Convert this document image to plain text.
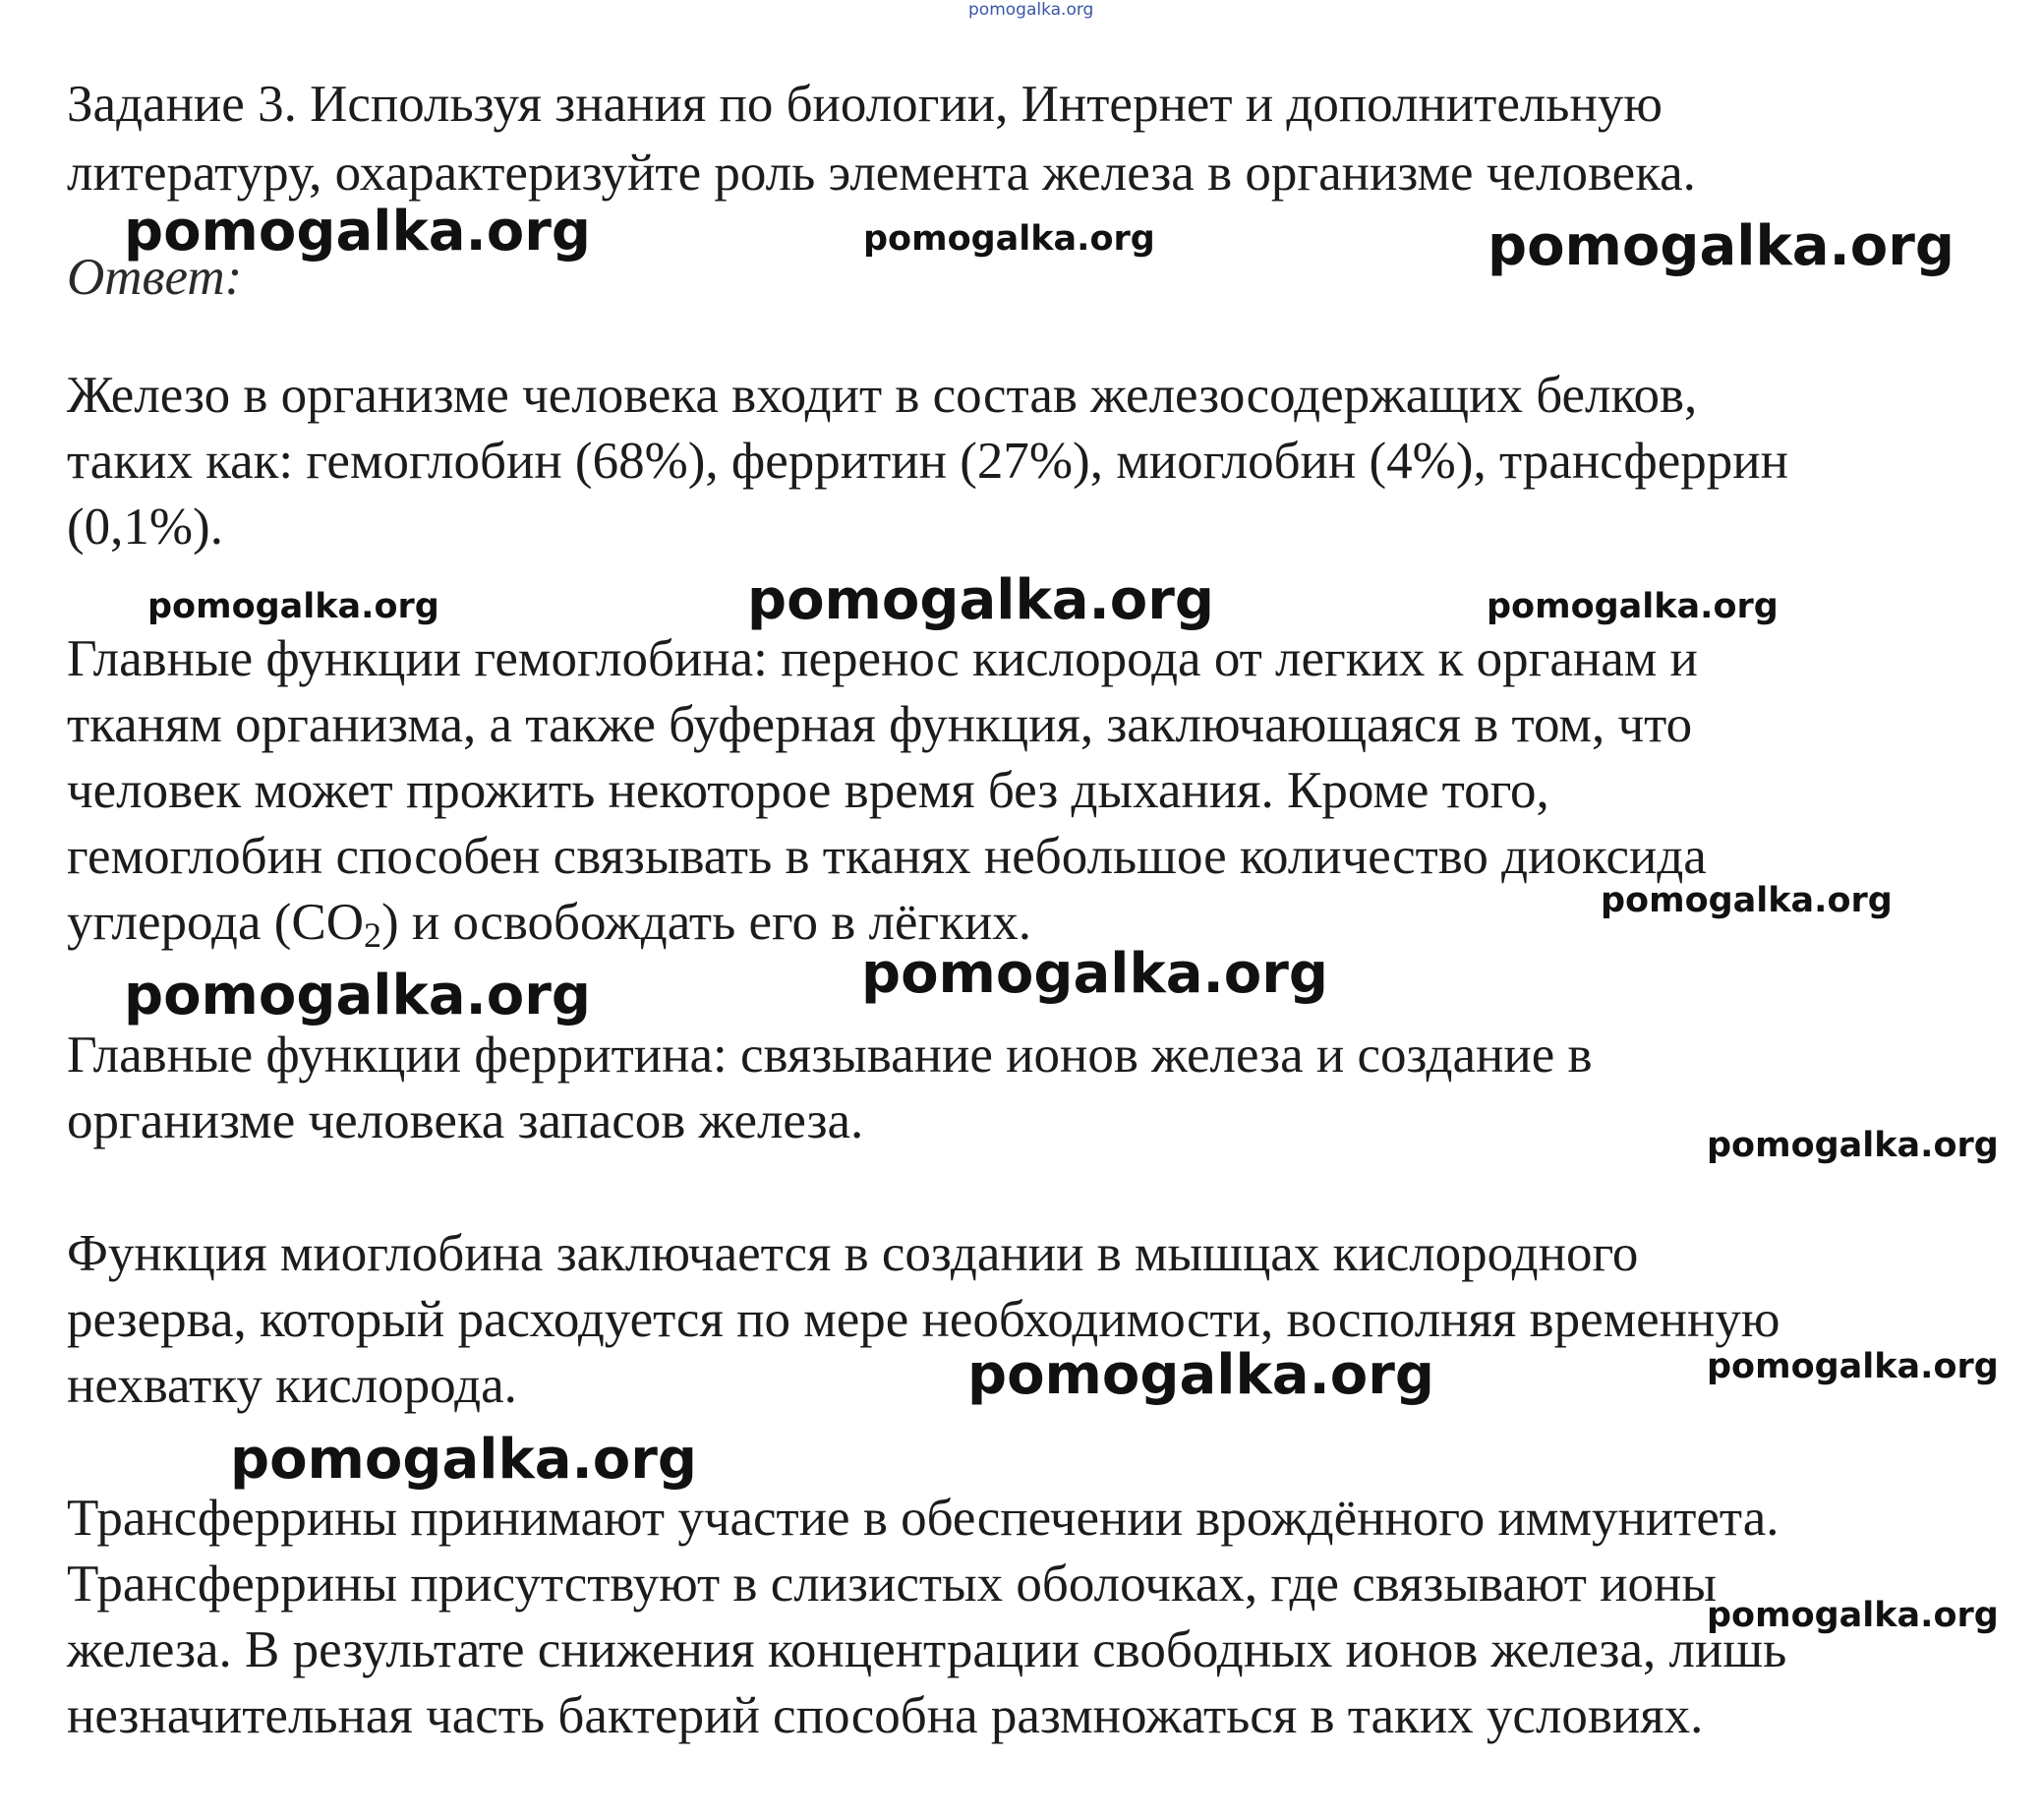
pomogalka.org
Задание 3. Используя знания по биологии, Интернет и дополнительную
литературу, охарактеризуйте роль элемента железа в организме человека.
pomogalka.org	pomogalka.org	pomogalka.org
Ответ:
Железо в организме человека входит в состав железосодержащих белков,
таких как: гемоглобин (68%), ферритин (27%), миоглобин (4%), трансферрин
(0,1%).
pomogalka.org	pomogalka.org	pomogalka.org
Главные функции гемоглобина: перенос кислорода от легких к органам и
тканям организма, а также буферная функция, заключающаяся в том, что
человек может прожить некоторое время без дыхания. Кроме того,
гемоглобин способен связывать в тканях небольшое количество диоксида
углерода $(CO_2)$ и освобождать его в лёгких.	pomogalka.org
pomogalka.org	pomogalka.org
Главные функции ферритина: связывание ионов железа и создание в
организме человека запасов железа.	pomogalka.org
Функция миоглобина заключается в создании в мышцах кислородного
резерва, который расходуется по мере необходимости, восполняя временную
нехватку кислорода.	pomogalka.org	pomogalka.org
pomogalka.org
Трансферрины принимают участие в обеспечении врождённого иммунитета.
Трансферрины присутствуют в слизистых оболочках, где связывают ионы
pomogalka.org
железа. В результате снижения концентрации свободных ионов железа, лишь
незначительная часть бактерий способна размножаться в таких условиях.
